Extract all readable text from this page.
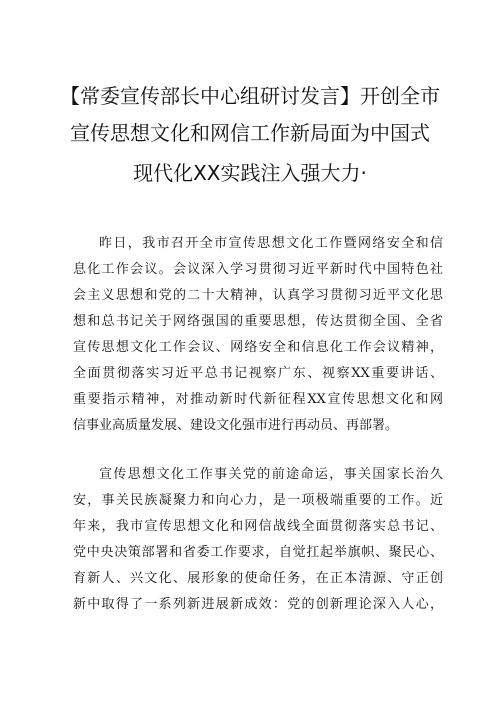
【常委宣传部长中心组研讨发言】开创全市
宣传思想文化和网信工作新局面为中国式
现代化XX实践注入强大力·
昨日，我市召开全市宣传思想文化工作暨网络安全和信
息化工作会议。会议深入学习贯彻习近平新时代中国特色社
会主义思想和党的二十大精神，认真学习贯彻习近平文化思
想和总书记关于网络强国的重要思想，传达贯彻全国、全省
宣传思想文化工作会议、网络安全和信息化工作会议精神，
全面贯彻落实习近平总书记视察广东、视察XX重要讲话、
重要指示精神，对推动新时代新征程XX宣传思想文化和网
信事业高质量发展、建设文化强市进行再动员、再部署。
宣传思想文化工作事关党的前途命运，事关国家长治久
安，事关民族凝聚力和向心力，是一项极端重要的工作。近
年来，我市宣传思想文化和网信战线全面贯彻落实总书记、
党中央决策部署和省委工作要求，自觉扛起举旗帜、聚民心、
育新人、兴文化、展形象的使命任务，在正本清源、守正创
新中取得了一系列新进展新成效：党的创新理论深入人心，
